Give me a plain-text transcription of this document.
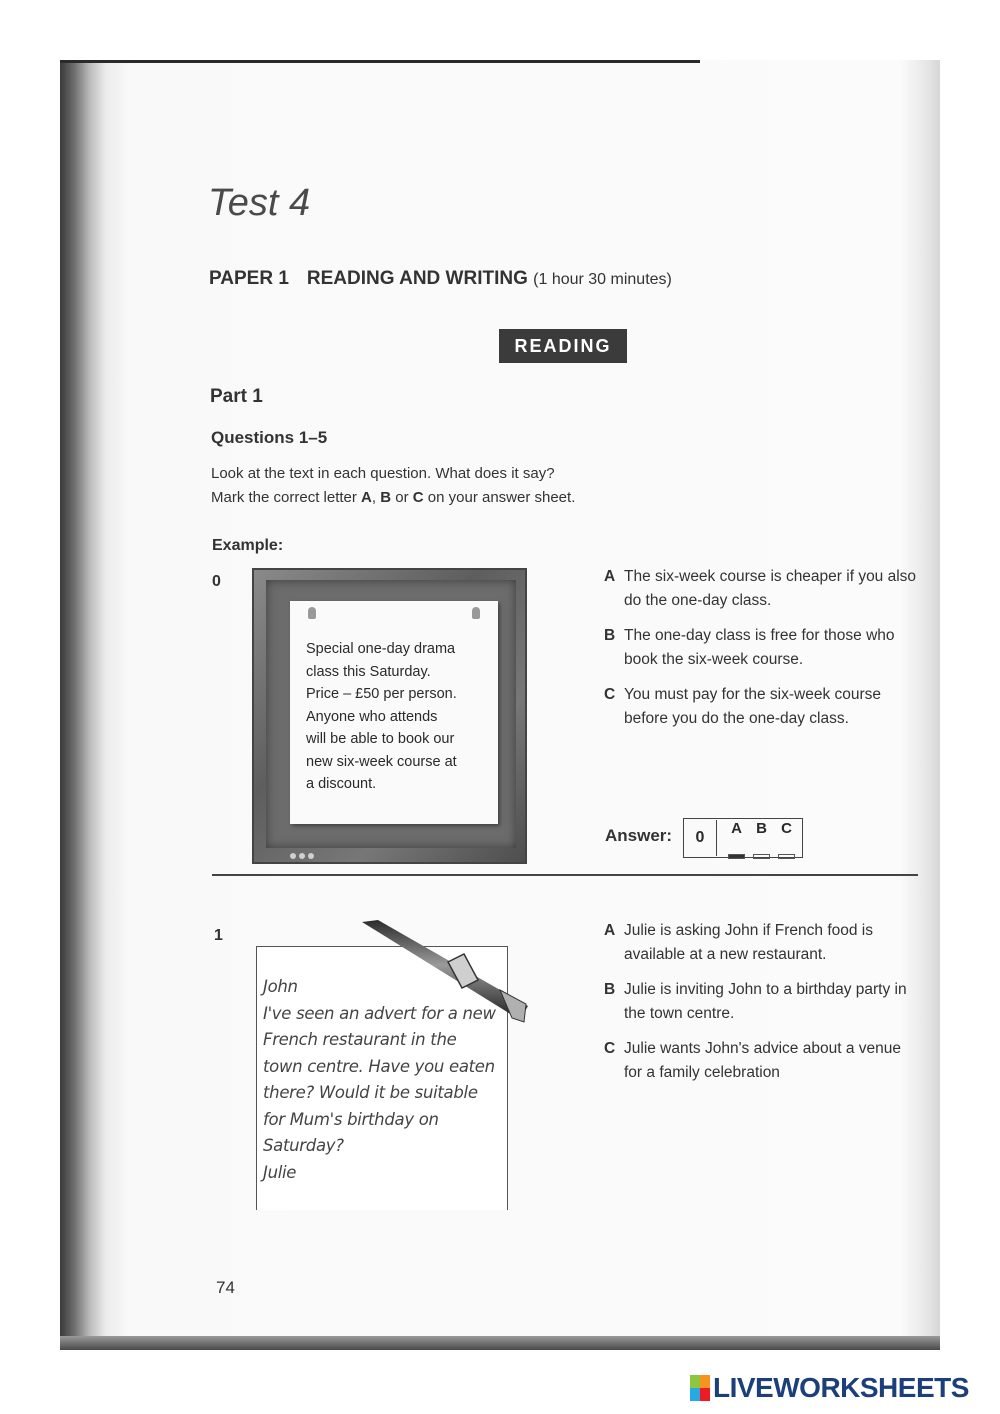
Test 4
PAPER 1 READING AND WRITING (1 hour 30 minutes)
READING
Part 1
Questions 1–5
Look at the text in each question. What does it say?
Mark the correct letter A, B or C on your answer sheet.
Example:
0
Special one-day drama
class this Saturday.
Price – £50 per person.
Anyone who attends
will be able to book our
new six-week course at
a discount.
A The six-week course is cheaper if you also do the one-day class.
B The one-day class is free for those who book the six-week course.
C You must pay for the six-week course before you do the one-day class.
Answer:	0
A B C
1
John
I've seen an advert for a new
French restaurant in the
town centre. Have you eaten
there? Would it be suitable
for Mum's birthday on
Saturday?
Julie
A Julie is asking John if French food is available at a new restaurant.
B Julie is inviting John to a birthday party in the town centre.
C Julie wants John's advice about a venue for a family celebration
74
LIVEWORKSHEETS
